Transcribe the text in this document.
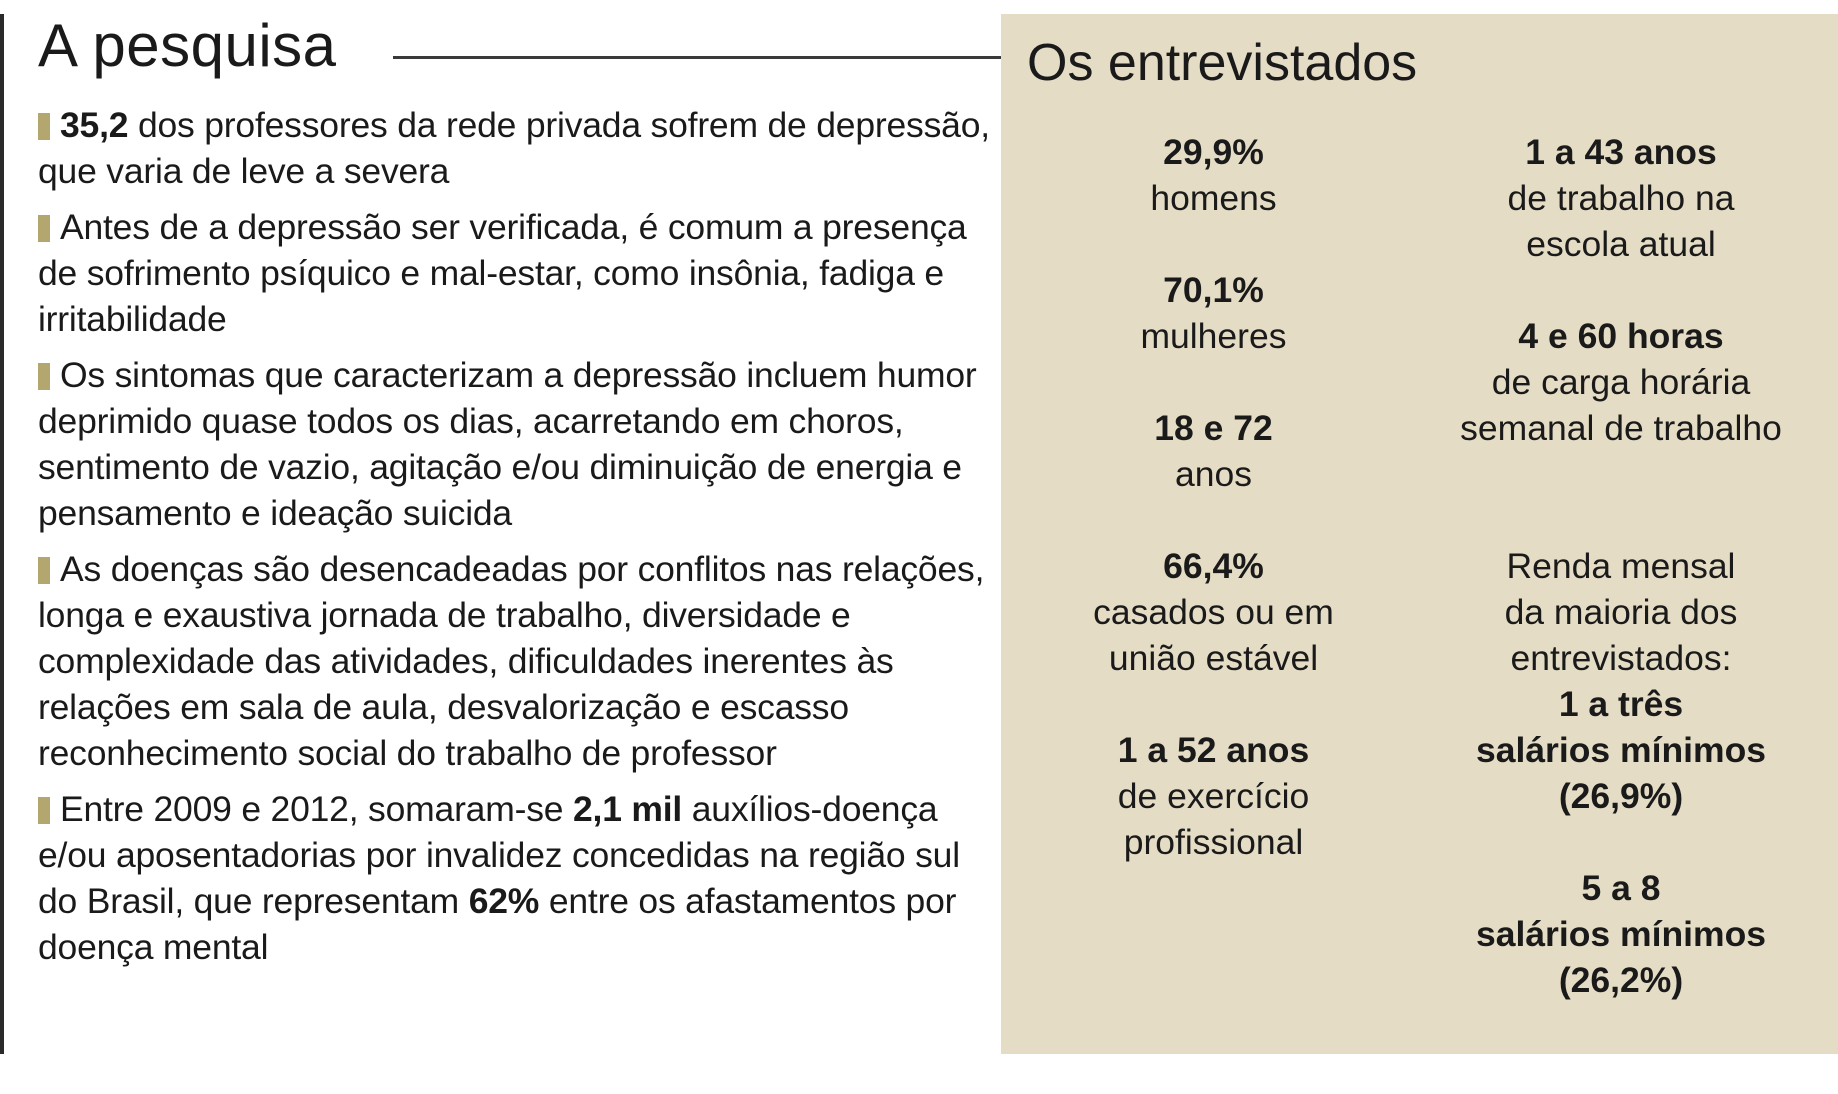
A pesquisa
35,2 dos professores da rede privada sofrem de depressão, que varia de leve a severa
Antes de a depressão ser verificada, é comum a presença de sofrimento psíquico e mal-estar, como insônia, fadiga e irritabilidade
Os sintomas que caracterizam a depressão incluem humor deprimido quase todos os dias, acarretando em choros, sentimento de vazio, agitação e/ou diminuição de energia e pensamento e ideação suicida
As doenças são desencadeadas por conflitos nas relações, longa e exaustiva jornada de trabalho, diversidade e complexidade das atividades, dificuldades inerentes às relações em sala de aula, desvalorização e escasso reconhecimento social do trabalho de professor
Entre 2009 e 2012, somaram-se 2,1 mil auxílios-doença e/ou aposentadorias por invalidez concedidas na região sul do Brasil, que representam 62% entre os afastamentos por doença mental
Os entrevistados
29,9%
homens
70,1%
mulheres
18 e 72
anos
66,4%
casados ou em
união estável
1 a 52 anos
de exercício
profissional
1 a 43 anos
de trabalho na
escola atual
4 e 60 horas
de carga horária
semanal de trabalho
Renda mensal
da maioria dos
entrevistados:
1 a três
salários mínimos
(26,9%)
5 a 8
salários mínimos
(26,2%)
